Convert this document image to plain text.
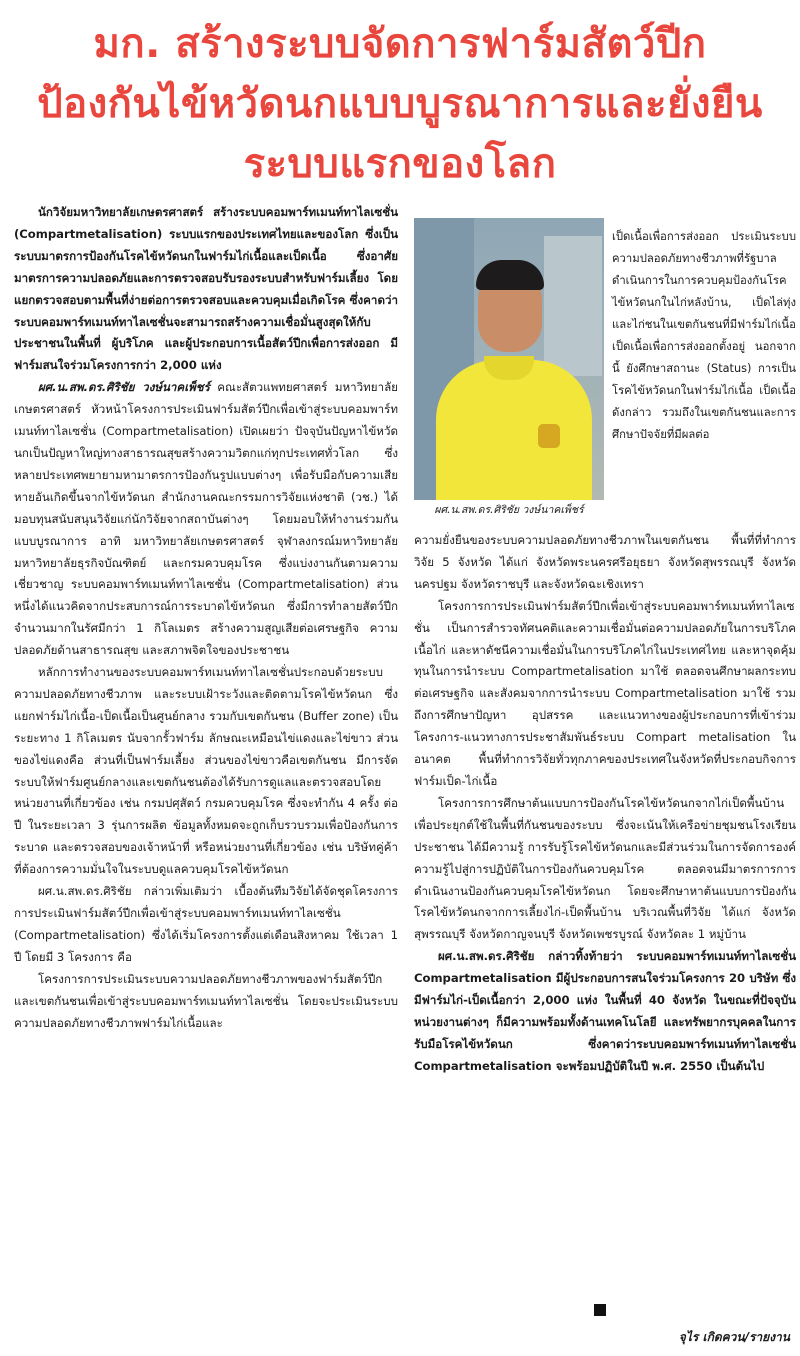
มก. สร้างระบบจัดการฟาร์มสัตว์ปีก
ป้องกันไข้หวัดนกแบบบูรณาการและยั่งยืน
ระบบแรกของโลก

นักวิจัยมหาวิทยาลัยเกษตรศาสตร์ สร้างระบบคอมพาร์ทเมนท์ทาไลเซชั่น (Compartmetalisation) ระบบแรกของประเทศไทยและของโลก ซึ่งเป็นระบบมาตรการป้องกันโรคไข้หวัดนกในฟาร์มไก่เนื้อและเป็ดเนื้อ ซึ่งอาศัยมาตรการความปลอดภัยและการตรวจสอบรับรองระบบสำหรับฟาร์มเลี้ยง โดยแยกตรวจสอบตามพื้นที่ง่ายต่อการตรวจสอบและควบคุมเมื่อเกิดโรค ซึ่งคาดว่าระบบคอมพาร์ทเมนท์ทาไลเซชั่นจะสามารถสร้างความเชื่อมั่นสูงสุดให้กับประชาชนในพื้นที่ ผู้บริโภค และผู้ประกอบการเนื้อสัตว์ปีกเพื่อการส่งออก มีฟาร์มสนใจร่วมโครงการกว่า 2,000 แห่ง

ผศ.น.สพ.ดร.ศิริชัย วงษ์นาคเพ็ชร์ คณะสัตวแพทยศาสตร์ มหาวิทยาลัยเกษตรศาสตร์ หัวหน้าโครงการประเมินฟาร์มสัตว์ปีกเพื่อเข้าสู่ระบบคอมพาร์ทเมนท์ทาไลเซชั่น (Compartmetalisation) เปิดเผยว่า ปัจจุบันปัญหาไข้หวัดนกเป็นปัญหาใหญ่ทางสาธารณสุขสร้างความวิตกแก่ทุกประเทศทั่วโลก ซึ่งหลายประเทศพยายามหามาตรการป้องกันรูปแบบต่างๆ เพื่อรับมือกับความเสียหายอันเกิดขึ้นจากไข้หวัดนก สำนักงานคณะกรรมการวิจัยแห่งชาติ (วช.) ได้มอบทุนสนับสนุนวิจัยแก่นักวิจัยจากสถาบันต่างๆ โดยมอบให้ทำงานร่วมกันแบบบูรณาการ อาทิ มหาวิทยาลัยเกษตรศาสตร์ จุฬาลงกรณ์มหาวิทยาลัย มหาวิทยาลัยธุรกิจบัณฑิตย์ และกรมควบคุมโรค ซึ่งแบ่งงานกันตามความเชี่ยวชาญ ระบบคอมพาร์ทเมนท์ทาไลเซชั่น (Compartmetalisation) ส่วนหนึ่งได้แนวคิดจากประสบการณ์การระบาดไข้หวัดนก ซึ่งมีการทำลายสัตว์ปีกจำนวนมากในรัศมีกว่า 1 กิโลเมตร สร้างความสูญเสียต่อเศรษฐกิจ ความปลอดภัยด้านสาธารณสุข และสภาพจิตใจของประชาชน

หลักการทำงานของระบบคอมพาร์ทเมนท์ทาไลเซชั่นประกอบด้วยระบบความปลอดภัยทางชีวภาพ และระบบเฝ้าระวังและติดตามโรคไข้หวัดนก ซึ่งแยกฟาร์มไก่เนื้อ-เป็ดเนื้อเป็นศูนย์กลาง รวมกับเขตกันชน (Buffer zone) เป็นระยะทาง 1 กิโลเมตร นับจากรั้วฟาร์ม ลักษณะเหมือนไข่แดงและไข่ขาว ส่วนของไข่แดงคือ ส่วนที่เป็นฟาร์มเลี้ยง ส่วนของไข่ขาวคือเขตกันชน มีการจัดระบบให้ฟาร์มศูนย์กลางและเขตกันชนต้องได้รับการดูแลและตรวจสอบโดยหน่วยงานที่เกี่ยวข้อง เช่น กรมปศุสัตว์ กรมควบคุมโรค ซึ่งจะทำกัน 4 ครั้ง ต่อปี ในระยะเวลา 3 รุ่นการผลิต ข้อมูลทั้งหมดจะถูกเก็บรวบรวมเพื่อป้องกันการระบาด และตรวจสอบของเจ้าหน้าที่ หรือหน่วยงานที่เกี่ยวข้อง เช่น บริษัทคู่ค้าที่ต้องการความมั่นใจในระบบดูแลควบคุมโรคไข้หวัดนก

ผศ.น.สพ.ดร.ศิริชัย กล่าวเพิ่มเติมว่า เบื้องต้นทีมวิจัยได้จัดชุดโครงการการประเมินฟาร์มสัตว์ปีกเพื่อเข้าสู่ระบบคอมพาร์ทเมนท์ทาไลเซชั่น (Compartmetalisation) ซึ่งได้เริ่มโครงการตั้งแต่เดือนสิงหาคม ใช้เวลา 1 ปี โดยมี 3 โครงการ คือ

โครงการการประเมินระบบความปลอดภัยทางชีวภาพของฟาร์มสัตว์ปีกและเขตกันชนเพื่อเข้าสู่ระบบคอมพาร์ทเมนท์ทาไลเซชั่น โดยจะประเมินระบบความปลอดภัยทางชีวภาพฟาร์มไก่เนื้อและ

ผศ.น.สพ.ดร.ศิริชัย วงษ์นาคเพ็ชร์

เป็ดเนื้อเพื่อการส่งออก ประเมินระบบความปลอดภัยทางชีวภาพที่รัฐบาลดำเนินการในการควบคุมป้องกันโรคไข้หวัดนกในไก่หลังบ้าน, เป็ดไล่ทุ่งและไก่ชนในเขตกันชนที่มีฟาร์มไก่เนื้อเป็ดเนื้อเพื่อการส่งออกตั้งอยู่ นอกจากนี้ ยังศึกษาสถานะ (Status) การเป็นโรคไข้หวัดนกในฟาร์มไก่เนื้อ เป็ดเนื้อดังกล่าว รวมถึงในเขตกันชนและการศึกษาปัจจัยที่มีผลต่อ

ความยั่งยืนของระบบความปลอดภัยทางชีวภาพในเขตกันชน พื้นที่ที่ทำการวิจัย 5 จังหวัด ได้แก่ จังหวัดพระนครศรีอยุธยา จังหวัดสุพรรณบุรี จังหวัดนครปฐม จังหวัดราชบุรี และจังหวัดฉะเชิงเทรา

โครงการการประเมินฟาร์มสัตว์ปีกเพื่อเข้าสู่ระบบคอมพาร์ทเมนท์ทาไลเซชั่น เป็นการสำรวจทัศนคติและความเชื่อมั่นต่อความปลอดภัยในการบริโภคเนื้อไก่ และหาดัชนีความเชื่อมั่นในการบริโภคไก่ในประเทศไทย และหาจุดคุ้มทุนในการนำระบบ Compartmetalisation มาใช้ ตลอดจนศึกษาผลกระทบต่อเศรษฐกิจ และสังคมจากการนำระบบ Compartmetalisation มาใช้ รวมถึงการศึกษาปัญหา อุปสรรค และแนวทางของผู้ประกอบการที่เข้าร่วมโครงการ-แนวทางการประชาสัมพันธ์ระบบ Compart metalisation ในอนาคต พื้นที่ทำการวิจัยทั่วทุกภาคของประเทศในจังหวัดที่ประกอบกิจการฟาร์มเป็ด-ไก่เนื้อ

โครงการการศึกษาต้นแบบการป้องกันโรคไข้หวัดนกจากไก่เป็ดพื้นบ้านเพื่อประยุกต์ใช้ในพื้นที่กันชนของระบบ ซึ่งจะเน้นให้เครือข่ายชุมชนโรงเรียน ประชาชน ได้มีความรู้ การรับรู้โรคไข้หวัดนกและมีส่วนร่วมในการจัดการองค์ความรู้ไปสู่การปฏิบัติในการป้องกันควบคุมโรค ตลอดจนมีมาตรการการดำเนินงานป้องกันควบคุมโรคไข้หวัดนก โดยจะศึกษาหาต้นแบบการป้องกันโรคไข้หวัดนกจากการเลี้ยงไก่-เป็ดพื้นบ้าน บริเวณพื้นที่วิจัย ได้แก่ จังหวัดสุพรรณบุรี จังหวัดกาญจนบุรี จังหวัดเพชรบูรณ์ จังหวัดละ 1 หมู่บ้าน

ผศ.น.สพ.ดร.ศิริชัย กล่าวทิ้งท้ายว่า ระบบคอมพาร์ทเมนท์ทาไลเซชั่น Compartmetalisation มีผู้ประกอบการสนใจร่วมโครงการ 20 บริษัท ซึ่งมีฟาร์มไก่-เป็ดเนื้อกว่า 2,000 แห่ง ในพื้นที่ 40 จังหวัด ในขณะที่ปัจจุบันหน่วยงานต่างๆ ก็มีความพร้อมทั้งด้านเทคโนโลยี และทรัพยากรบุคคลในการรับมือโรคไข้หวัดนก ซึ่งคาดว่าระบบคอมพาร์ทเมนท์ทาไลเซชั่น Compartmetalisation จะพร้อมปฏิบัติในปี พ.ศ. 2550 เป็นต้นไป

จุไร เกิดควน/รายงาน
